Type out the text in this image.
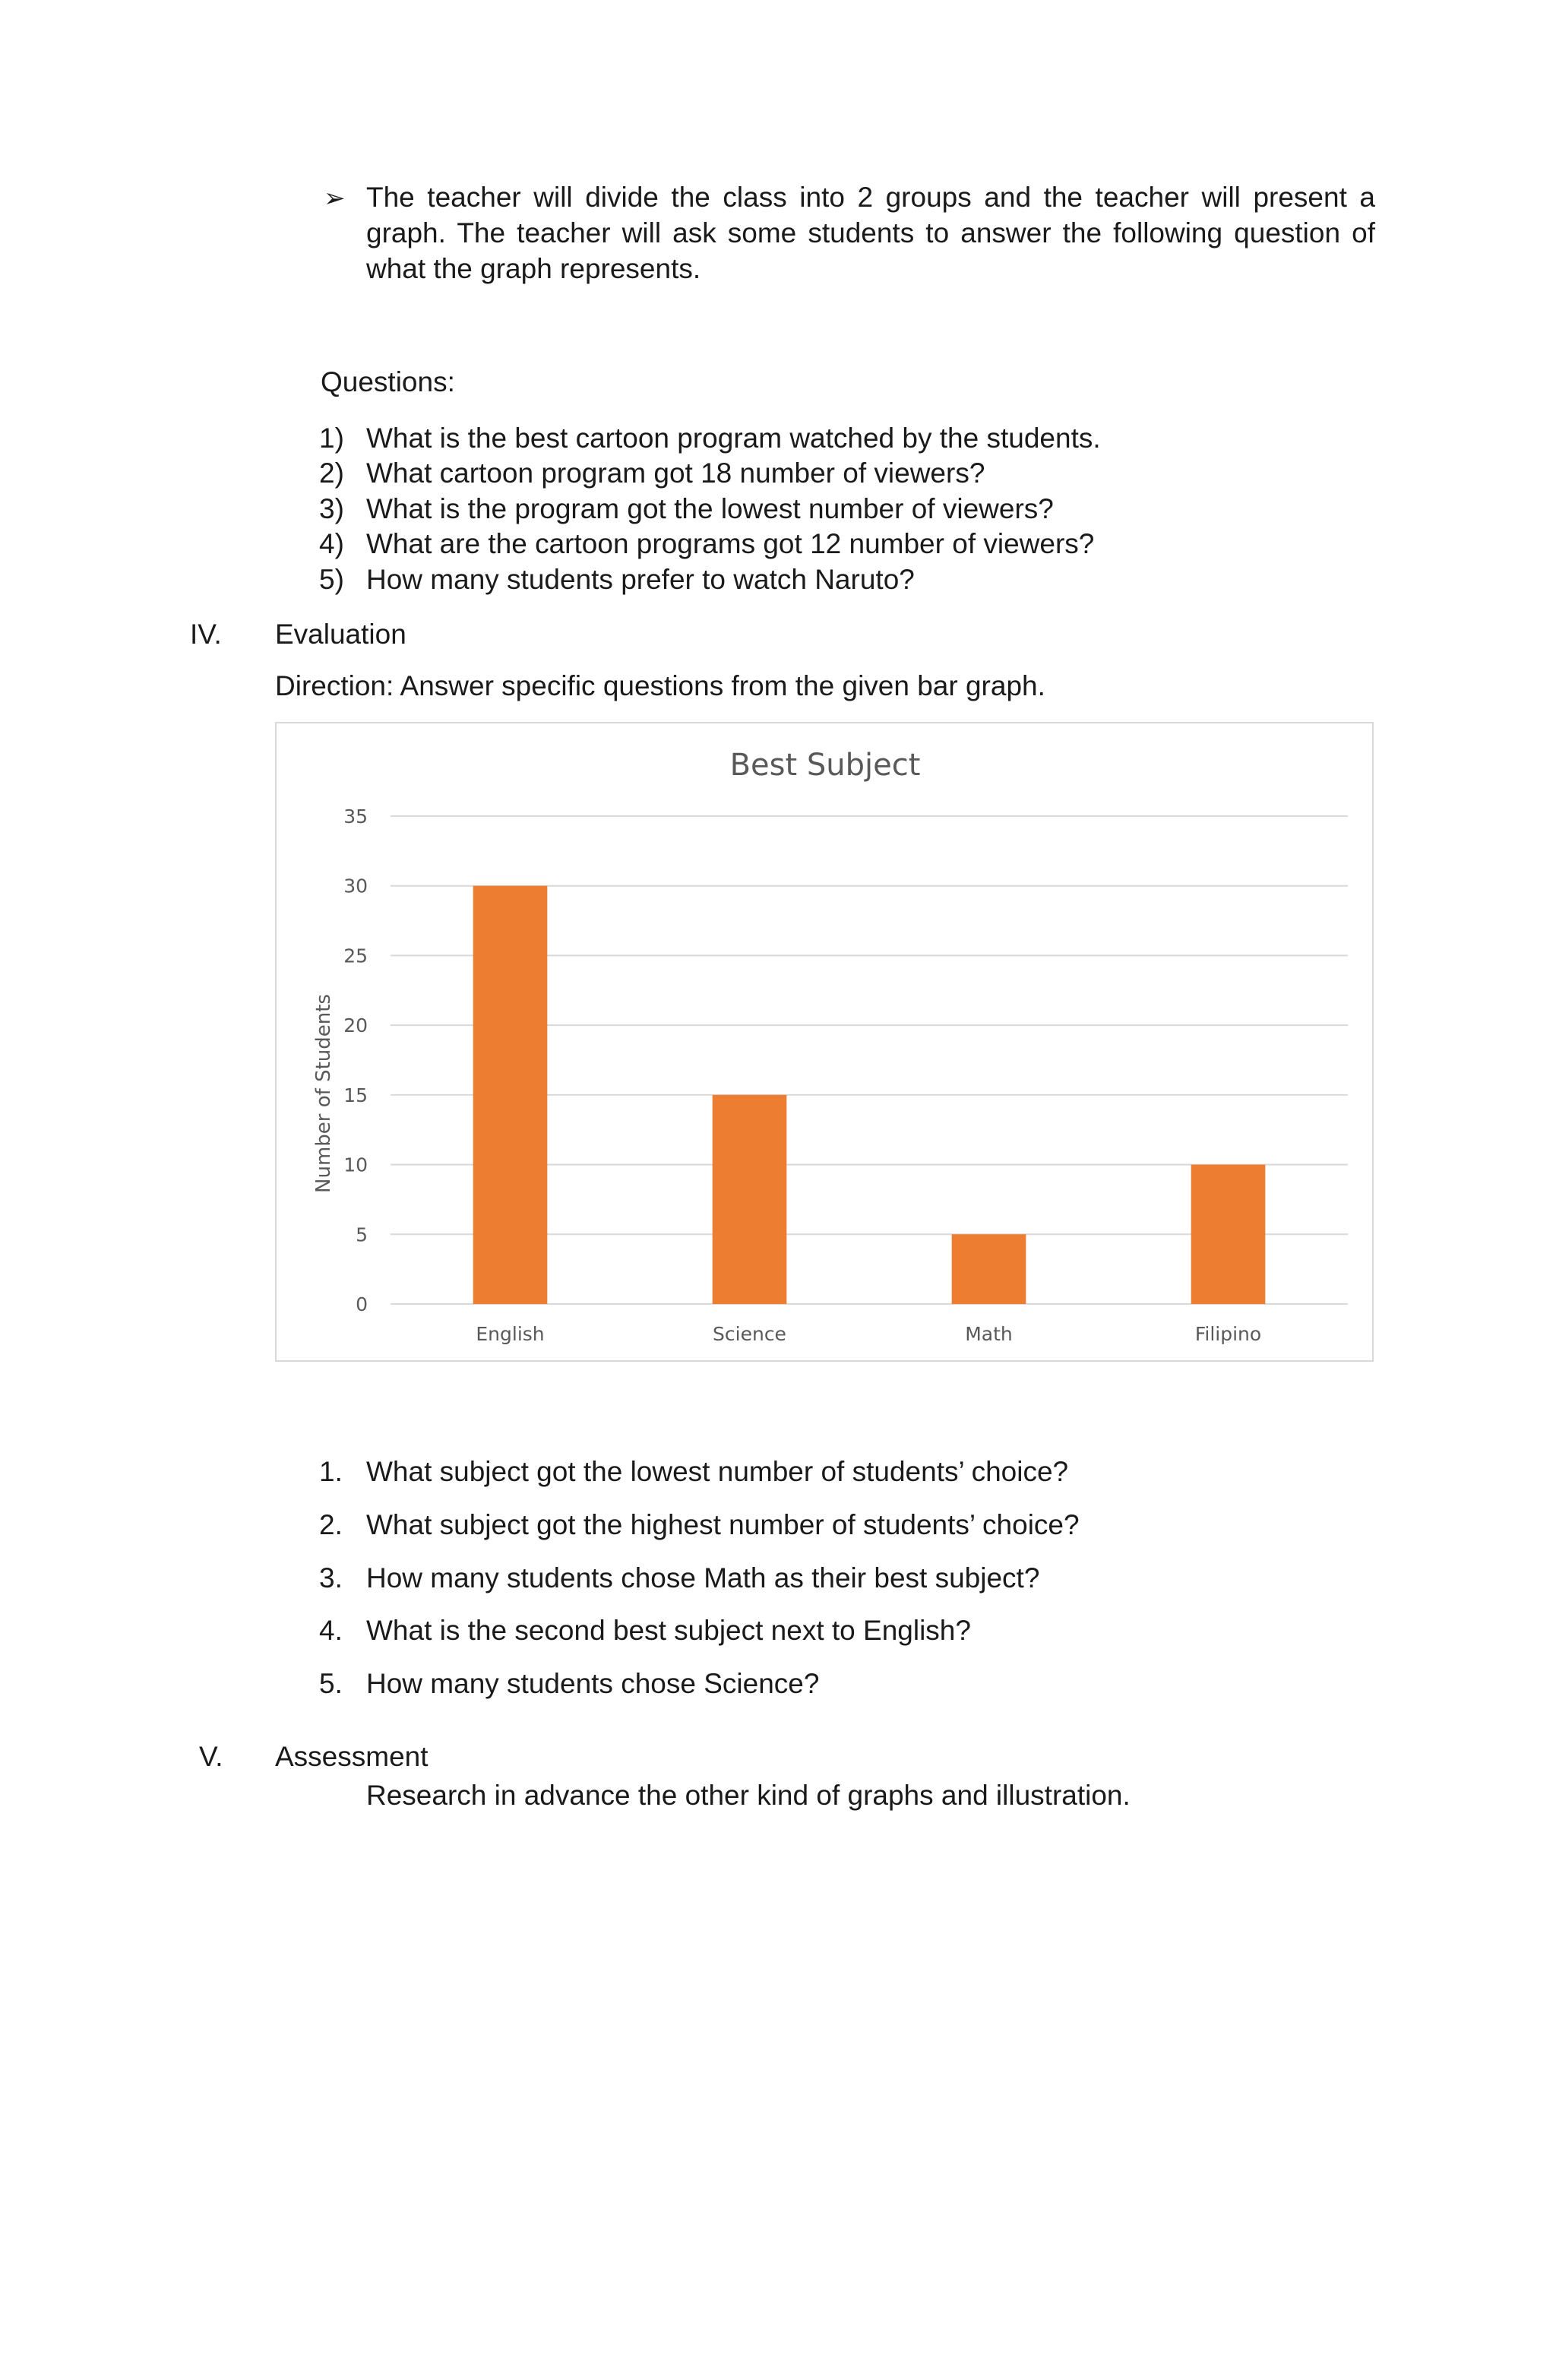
➢ The teacher will divide the class into 2 groups and the teacher will present a graph. The teacher will ask some students to answer the following question of what the graph represents.
Questions:
1) What is the best cartoon program watched by the students.
2) What cartoon program got 18 number of viewers?
3) What is the program got the lowest number of viewers?
4) What are the cartoon programs got 12 number of viewers?
5) How many students prefer to watch Naruto?
IV. Evaluation
Direction: Answer specific questions from the given bar graph.
Best Subject
0
5
10
15
20
25
30
35
English	Science	Math	Filipino
Number of Students
1. What subject got the lowest number of students’ choice?
2. What subject got the highest number of students’ choice?
3. How many students chose Math as their best subject?
4. What is the second best subject next to English?
5. How many students chose Science?
V. Assessment
Research in advance the other kind of graphs and illustration.
